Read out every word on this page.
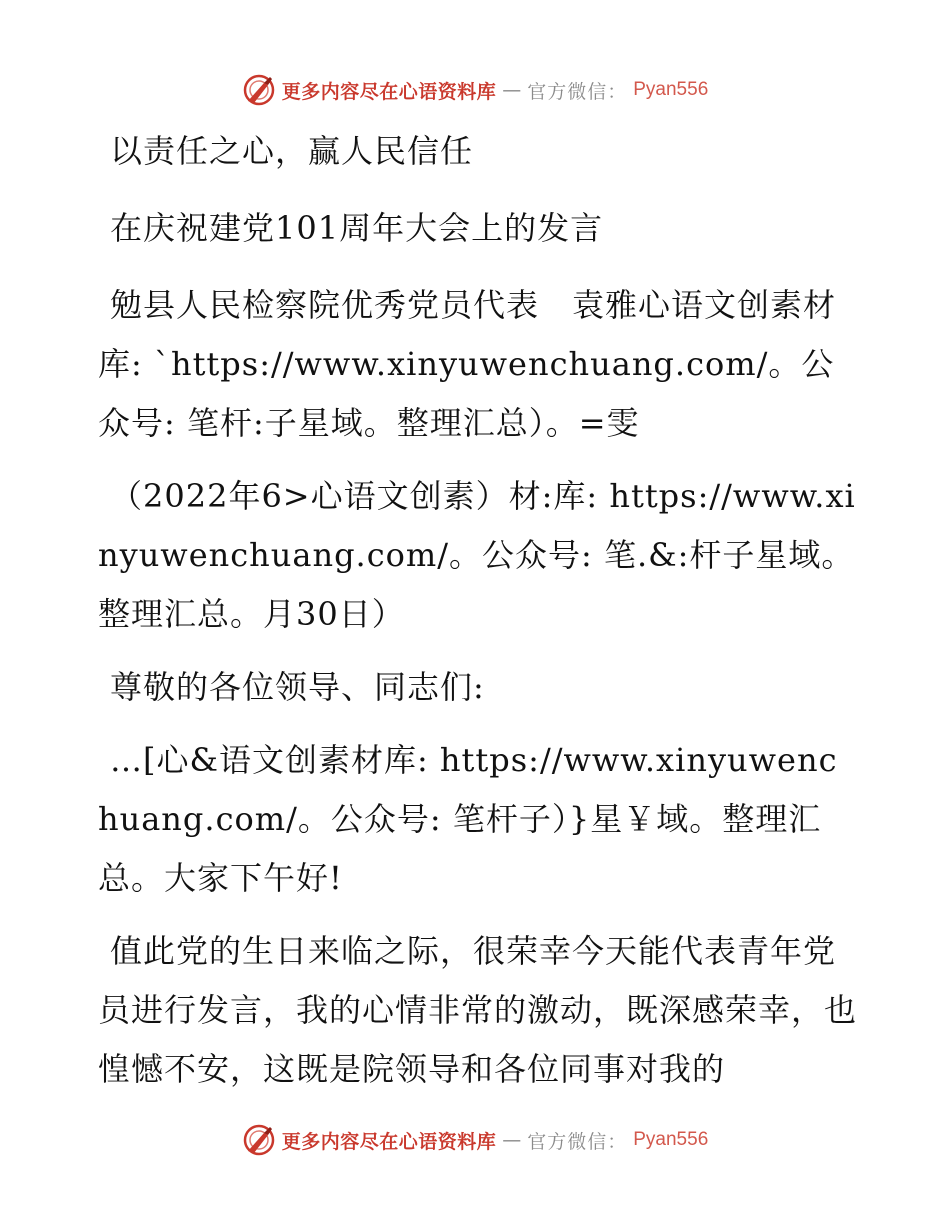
更多内容尽在心语资料库 — 官方微信： Pyan556

以责任之心，赢人民信任

在庆祝建党101周年大会上的发言

勉县人民检察院优秀党员代表　袁雅心语文创素材库: `https://www.xinyuwenchuang.com/。公众号: 笔杆:子星域。整理汇总）。=雯

（2022年6>心语文创素）材:库: https://www.xinyuwenchuang.com/。公众号: 笔.&:杆子星域。整理汇总。月30日）

尊敬的各位领导、同志们:

…[心&语文创素材库: https://www.xinyuwenchuang.com/。公众号: 笔杆子）}星￥域。整理汇总。大家下午好!

值此党的生日来临之际，很荣幸今天能代表青年党员进行发言，我的心情非常的激动，既深感荣幸，也惶憾不安，这既是院领导和各位同事对我的

更多内容尽在心语资料库 — 官方微信： Pyan556
